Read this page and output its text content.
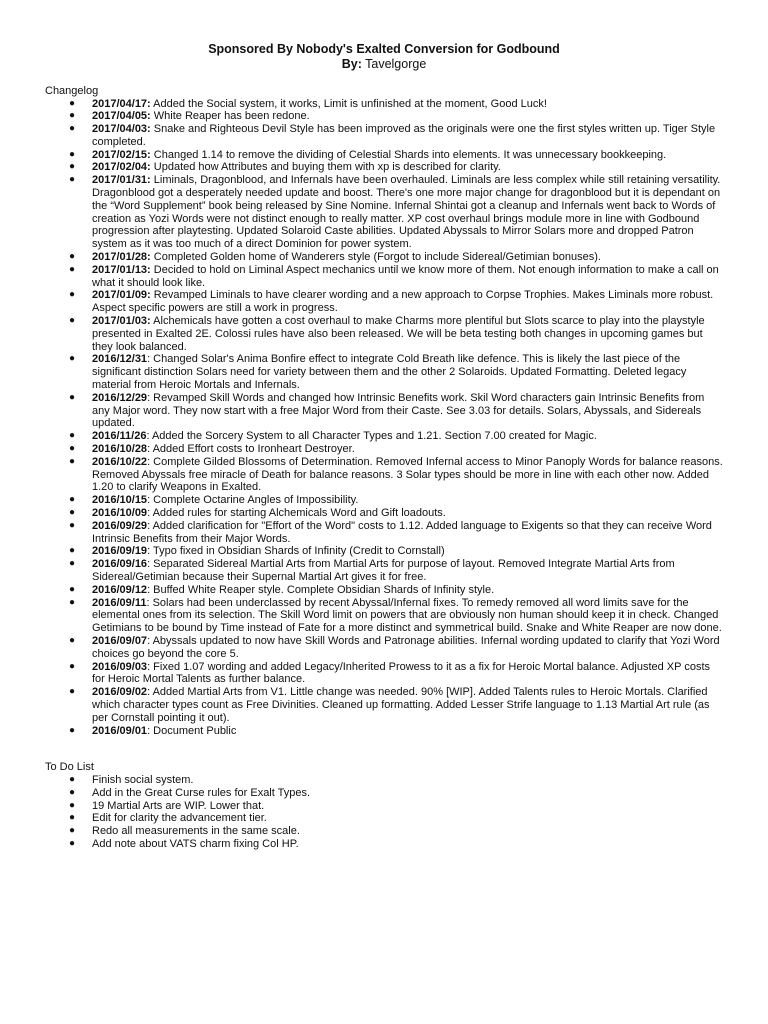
Sponsored By Nobody's Exalted Conversion for Godbound
By: Tavelgorge
Changelog
● 2017/04/17: Added the Social system, it works, Limit is unfinished at the moment, Good Luck!
● 2017/04/05: White Reaper has been redone.
● 2017/04/03: Snake and Righteous Devil Style has been improved as the originals were one the first styles written up. Tiger Style completed.
● 2017/02/15: Changed 1.14 to remove the dividing of Celestial Shards into elements. It was unnecessary bookkeeping.
● 2017/02/04: Updated how Attributes and buying them with xp is described for clarity.
● 2017/01/31: Liminals, Dragonblood, and Infernals have been overhauled. Liminals are less complex while still retaining versatility. Dragonblood got a desperately needed update and boost. There's one more major change for dragonblood but it is dependant on the “Word Supplement” book being released by Sine Nomine. Infernal Shintai got a cleanup and Infernals went back to Words of creation as Yozi Words were not distinct enough to really matter. XP cost overhaul brings module more in line with Godbound progression after playtesting. Updated Solaroid Caste abilities. Updated Abyssals to Mirror Solars more and dropped Patron system as it was too much of a direct Dominion for power system.
● 2017/01/28: Completed Golden home of Wanderers style (Forgot to include Sidereal/Getimian bonuses).
● 2017/01/13: Decided to hold on Liminal Aspect mechanics until we know more of them. Not enough information to make a call on what it should look like.
● 2017/01/09: Revamped Liminals to have clearer wording and a new approach to Corpse Trophies. Makes Liminals more robust. Aspect specific powers are still a work in progress.
● 2017/01/03: Alchemicals have gotten a cost overhaul to make Charms more plentiful but Slots scarce to play into the playstyle presented in Exalted 2E. Colossi rules have also been released. We will be beta testing both changes in upcoming games but they look balanced.
● 2016/12/31: Changed Solar's Anima Bonfire effect to integrate Cold Breath like defence. This is likely the last piece of the significant distinction Solars need for variety between them and the other 2 Solaroids. Updated Formatting. Deleted legacy material from Heroic Mortals and Infernals.
● 2016/12/29: Revamped Skill Words and changed how Intrinsic Benefits work. Skil Word characters gain Intrinsic Benefits from any Major word. They now start with a free Major Word from their Caste. See 3.03 for details. Solars, Abyssals, and Sidereals updated.
● 2016/11/26: Added the Sorcery System to all Character Types and 1.21. Section 7.00 created for Magic.
● 2016/10/28: Added Effort costs to Ironheart Destroyer.
● 2016/10/22: Complete Gilded Blossoms of Determination. Removed Infernal access to Minor Panoply Words for balance reasons. Removed Abyssals free miracle of Death for balance reasons. 3 Solar types should be more in line with each other now. Added 1.20 to clarify Weapons in Exalted.
● 2016/10/15: Complete Octarine Angles of Impossibility.
● 2016/10/09: Added rules for starting Alchemicals Word and Gift loadouts.
● 2016/09/29: Added clarification for "Effort of the Word" costs to 1.12. Added language to Exigents so that they can receive Word Intrinsic Benefits from their Major Words.
● 2016/09/19: Typo fixed in Obsidian Shards of Infinity (Credit to Cornstall)
● 2016/09/16: Separated Sidereal Martial Arts from Martial Arts for purpose of layout. Removed Integrate Martial Arts from Sidereal/Getimian because their Supernal Martial Art gives it for free.
● 2016/09/12: Buffed White Reaper style. Complete Obsidian Shards of Infinity style.
● 2016/09/11: Solars had been underclassed by recent Abyssal/Infernal fixes. To remedy removed all word limits save for the elemental ones from its selection. The Skill Word limit on powers that are obviously non human should keep it in check. Changed Getimians to be bound by Time instead of Fate for a more distinct and symmetrical build. Snake and White Reaper are now done.
● 2016/09/07: Abyssals updated to now have Skill Words and Patronage abilities. Infernal wording updated to clarify that Yozi Word choices go beyond the core 5.
● 2016/09/03: Fixed 1.07 wording and added Legacy/Inherited Prowess to it as a fix for Heroic Mortal balance. Adjusted XP costs for Heroic Mortal Talents as further balance.
● 2016/09/02: Added Martial Arts from V1. Little change was needed. 90% [WIP]. Added Talents rules to Heroic Mortals. Clarified which character types count as Free Divinities. Cleaned up formatting. Added Lesser Strife language to 1.13 Martial Art rule (as per Cornstall pointing it out).
● 2016/09/01: Document Public
To Do List
● Finish social system.
● Add in the Great Curse rules for Exalt Types.
● 19 Martial Arts are WIP. Lower that.
● Edit for clarity the advancement tier.
● Redo all measurements in the same scale.
● Add note about VATS charm fixing Col HP.
